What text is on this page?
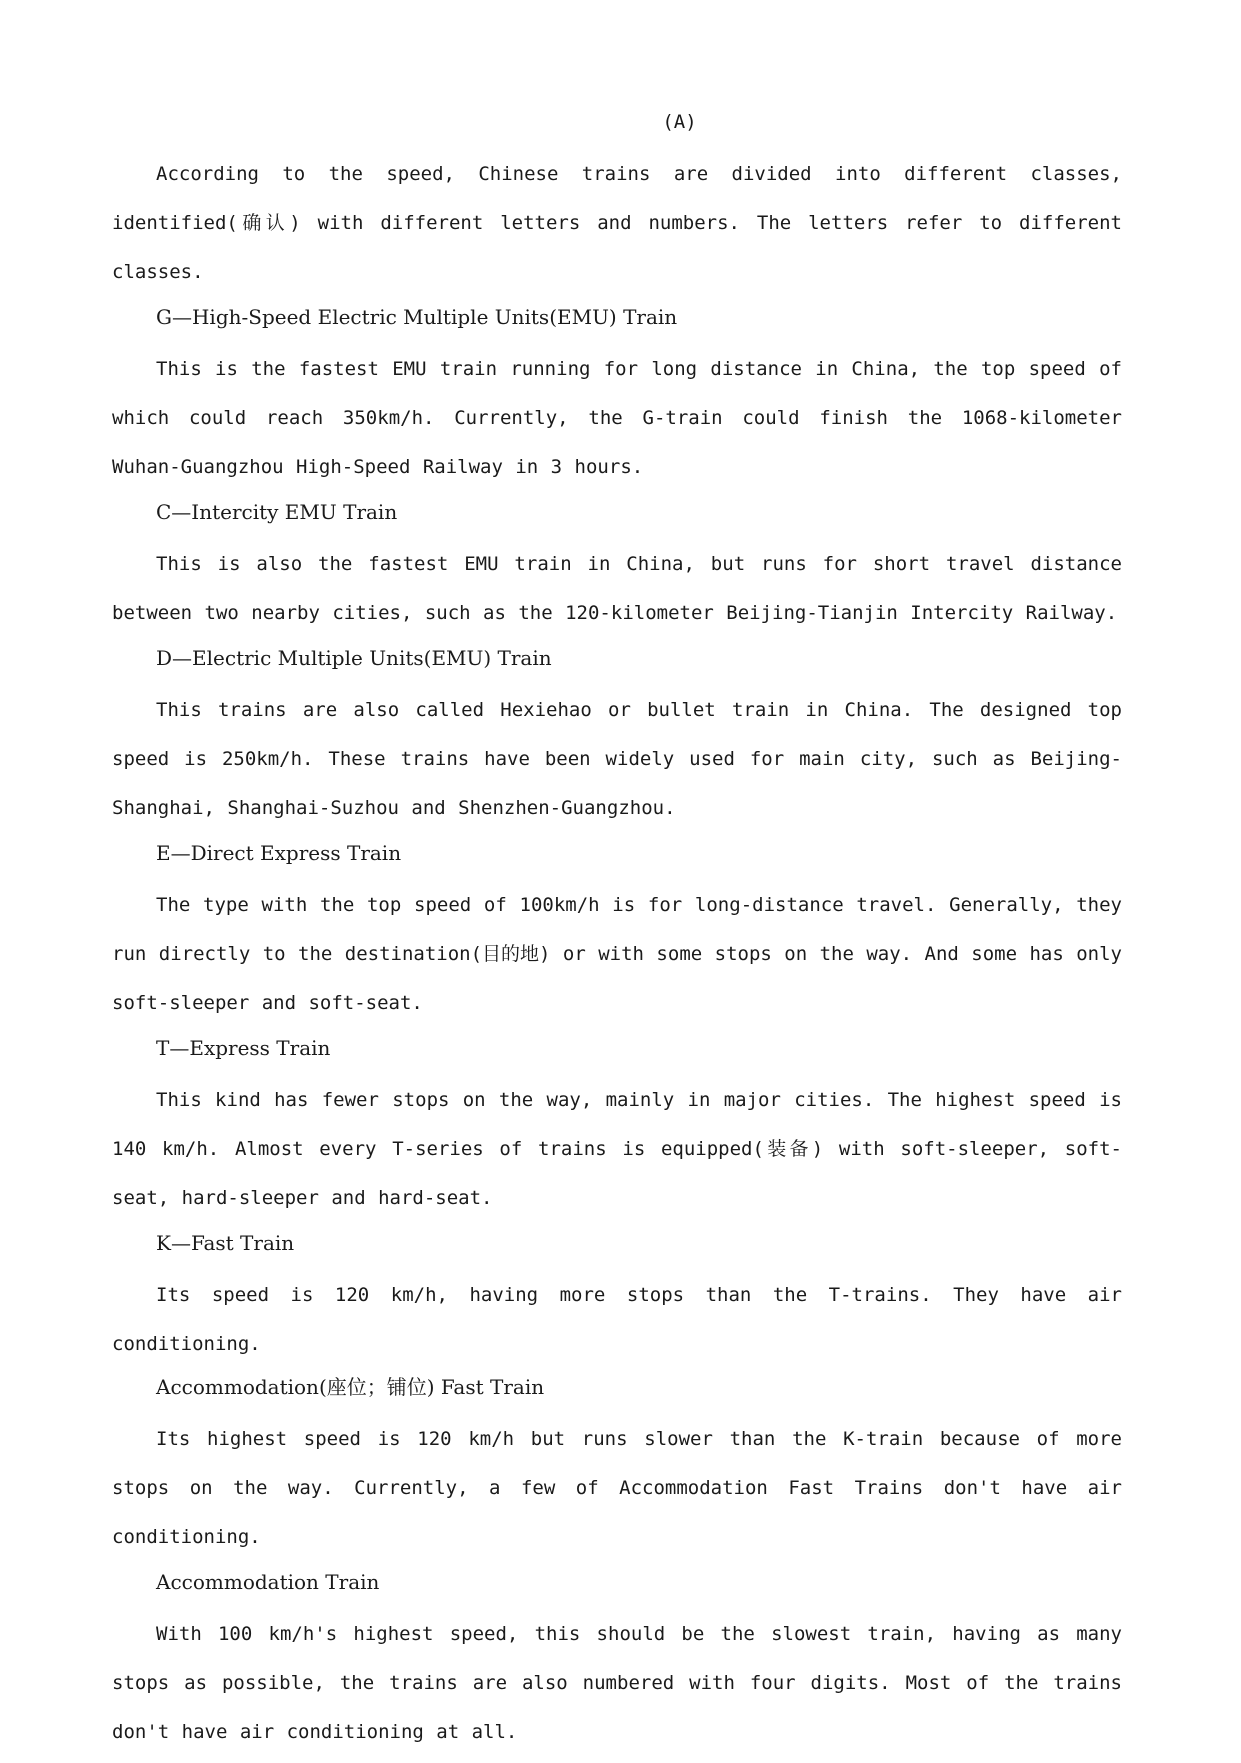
(A)

According to the speed, Chinese trains are divided into different classes, identified(确认) with different letters and numbers. The letters refer to different classes.

G—High-Speed Electric Multiple Units(EMU) Train

This is the fastest EMU train running for long distance in China, the top speed of which could reach 350km/h. Currently, the G-train could finish the 1068-kilometer Wuhan-Guangzhou High-Speed Railway in 3 hours.

C—Intercity EMU Train

This is also the fastest EMU train in China, but runs for short travel distance between two nearby cities, such as the 120-kilometer Beijing-Tianjin Intercity Railway.

D—Electric Multiple Units(EMU) Train

This trains are also called Hexiehao or bullet train in China. The designed top speed is 250km/h. These trains have been widely used for main city, such as Beijing-Shanghai, Shanghai-Suzhou and Shenzhen-Guangzhou.

E—Direct Express Train

The type with the top speed of 100km/h is for long-distance travel. Generally, they run directly to the destination(目的地) or with some stops on the way. And some has only soft-sleeper and soft-seat.

T—Express Train

This kind has fewer stops on the way, mainly in major cities. The highest speed is 140 km/h. Almost every T-series of trains is equipped(装备) with soft-sleeper, soft-seat, hard-sleeper and hard-seat.

K—Fast Train

Its speed is 120 km/h, having more stops than the T-trains. They have air conditioning.

Accommodation(座位；铺位) Fast Train

Its highest speed is 120 km/h but runs slower than the K-train because of more stops on the way. Currently, a few of Accommodation Fast Trains don't have air conditioning.

Accommodation Train

With 100 km/h's highest speed, this should be the slowest train, having as many stops as possible, the trains are also numbered with four digits. Most of the trains don't have air conditioning at all.
